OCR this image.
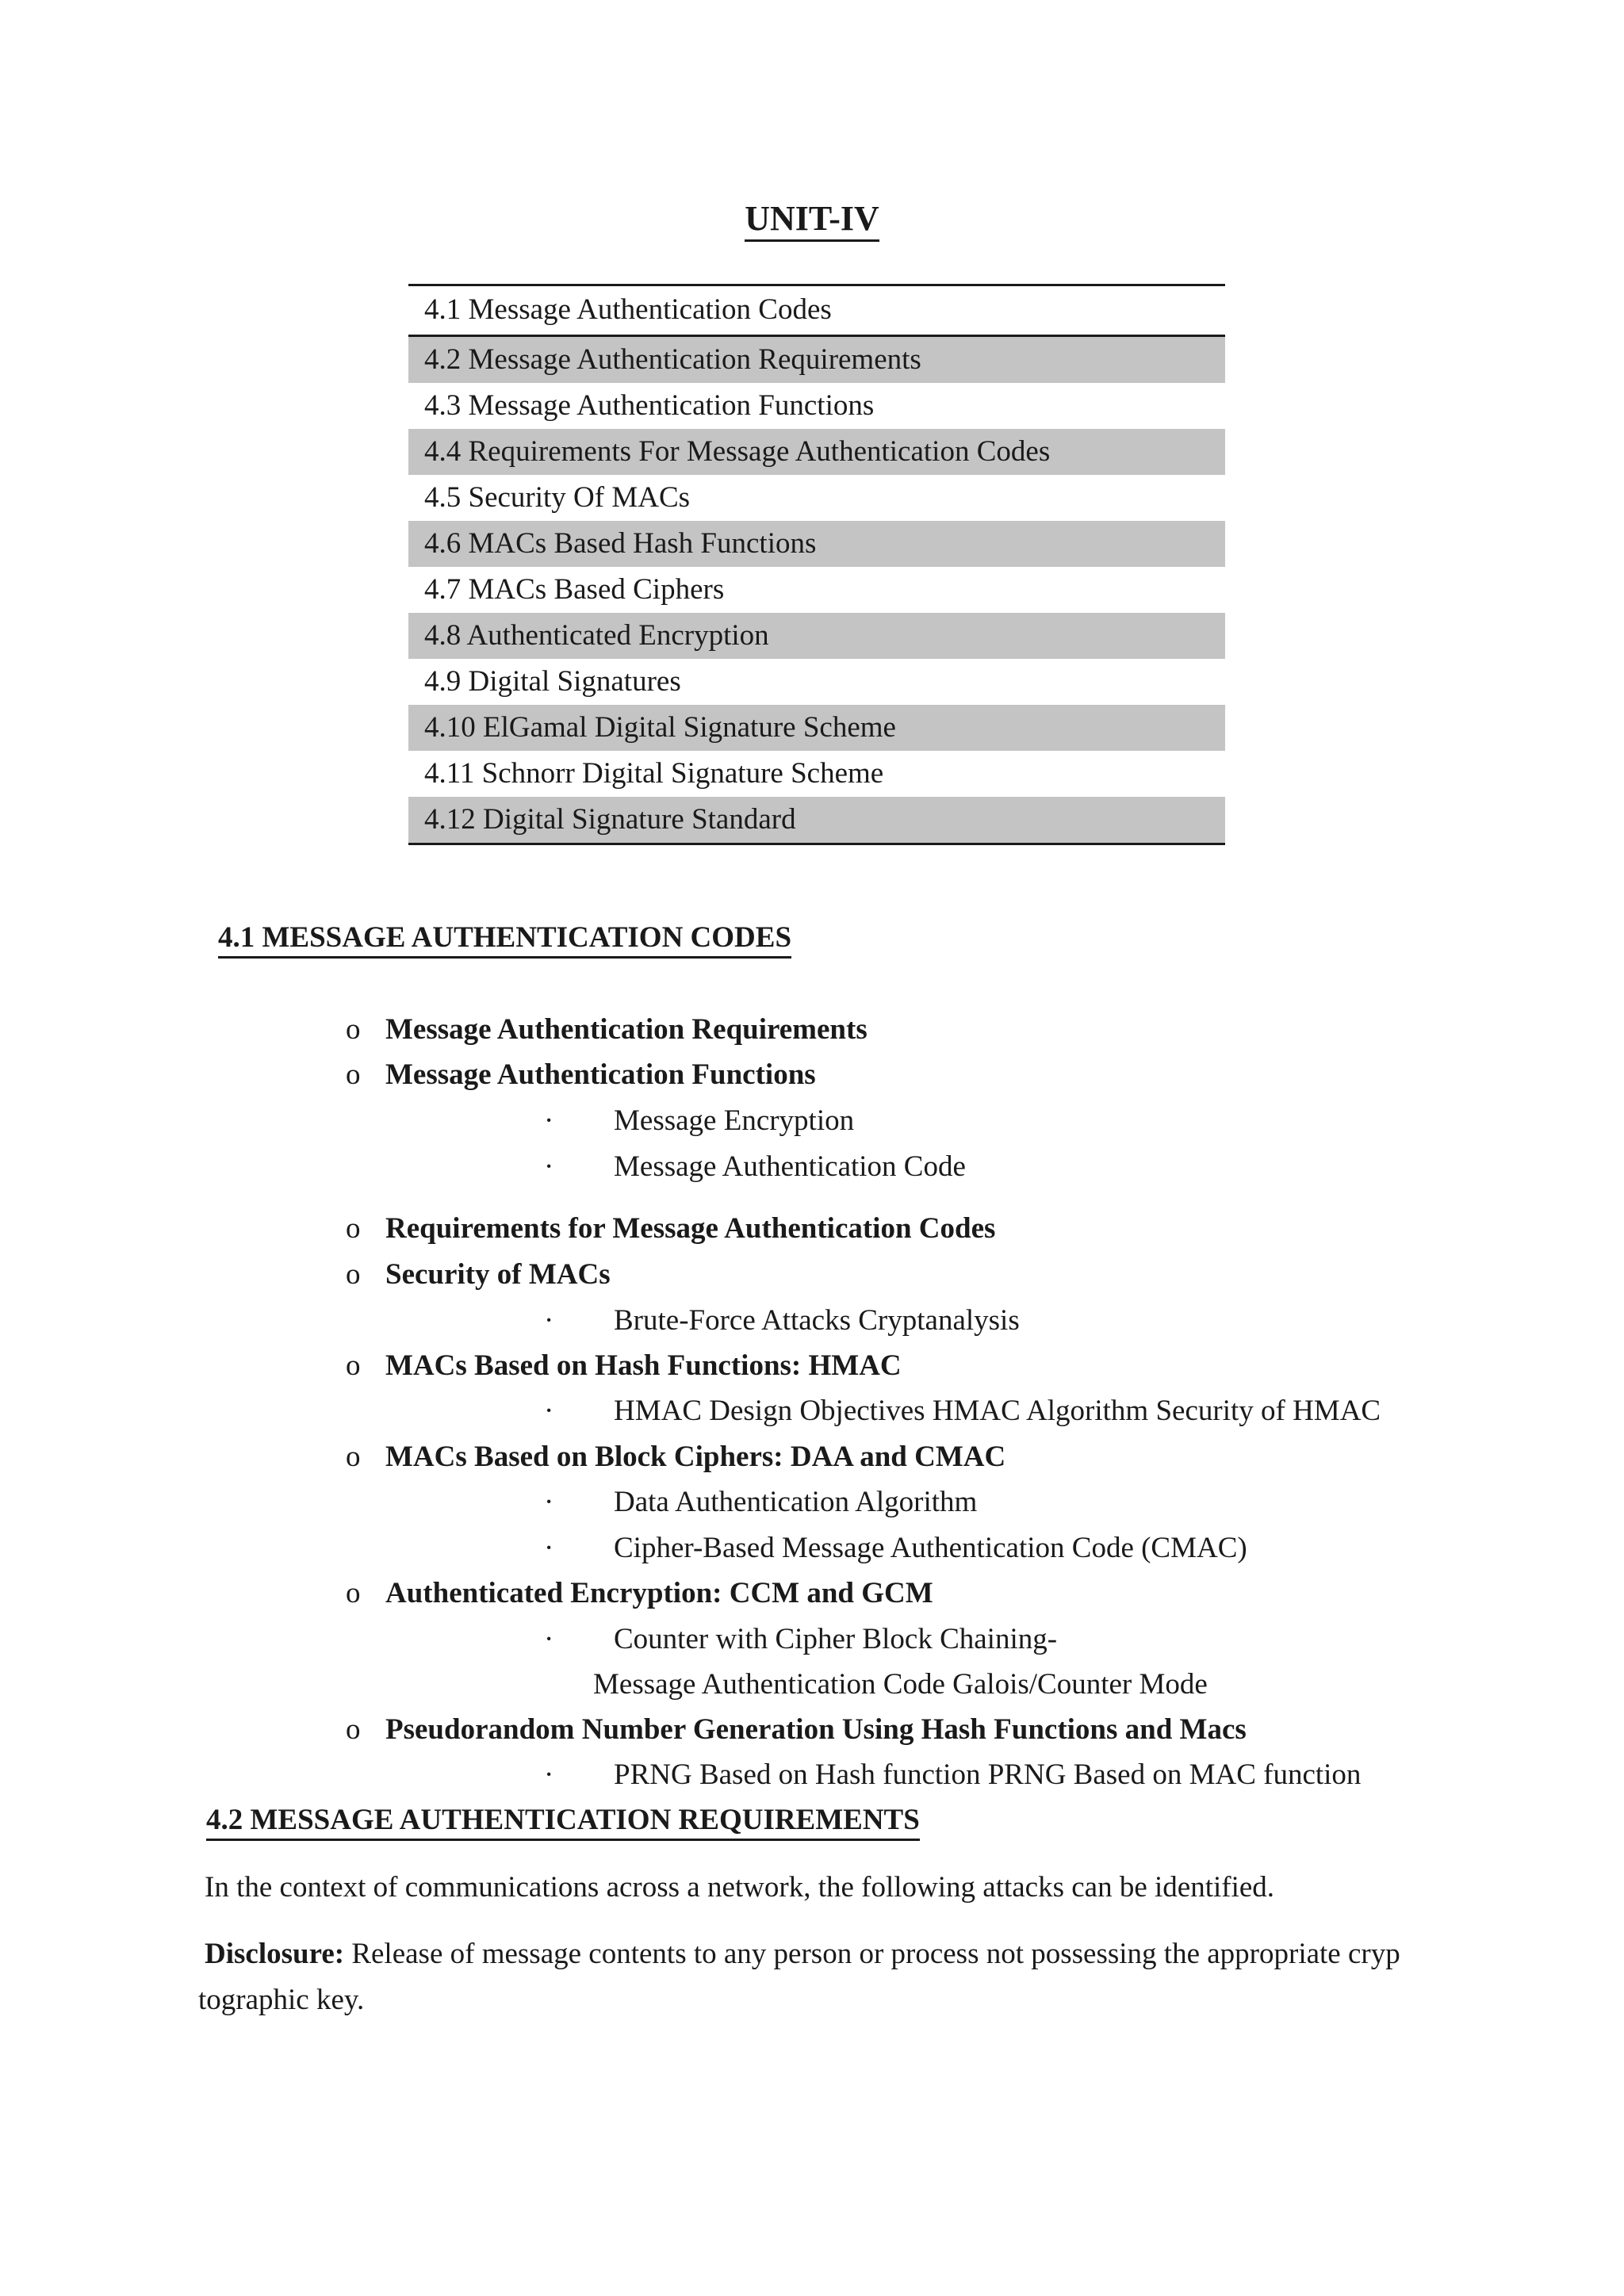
UNIT-IV
4.1 Message Authentication Codes
4.2 Message Authentication Requirements
4.3 Message Authentication Functions
4.4 Requirements For Message Authentication Codes
4.5 Security Of MACs
4.6 MACs Based Hash Functions
4.7 MACs Based Ciphers
4.8 Authenticated Encryption
4.9 Digital Signatures
4.10 ElGamal Digital Signature Scheme
4.11 Schnorr Digital Signature Scheme
4.12 Digital Signature Standard
4.1 MESSAGE AUTHENTICATION CODES
o Message Authentication Requirements
o Message Authentication Functions
· Message Encryption
· Message Authentication Code
o Requirements for Message Authentication Codes
o Security of MACs
· Brute-Force Attacks Cryptanalysis
o MACs Based on Hash Functions: HMAC
· HMAC Design Objectives HMAC Algorithm Security of HMAC
o MACs Based on Block Ciphers: DAA and CMAC
· Data Authentication Algorithm
· Cipher-Based Message Authentication Code (CMAC)
o Authenticated Encryption: CCM and GCM
· Counter with Cipher Block Chaining-
Message Authentication Code Galois/Counter Mode
o Pseudorandom Number Generation Using Hash Functions and Macs
· PRNG Based on Hash function PRNG Based on MAC function
4.2 MESSAGE AUTHENTICATION REQUIREMENTS
In the context of communications across a network, the following attacks can be identified.
Disclosure: Release of message contents to any person or process not possessing the appropriate cryp tographic key.
